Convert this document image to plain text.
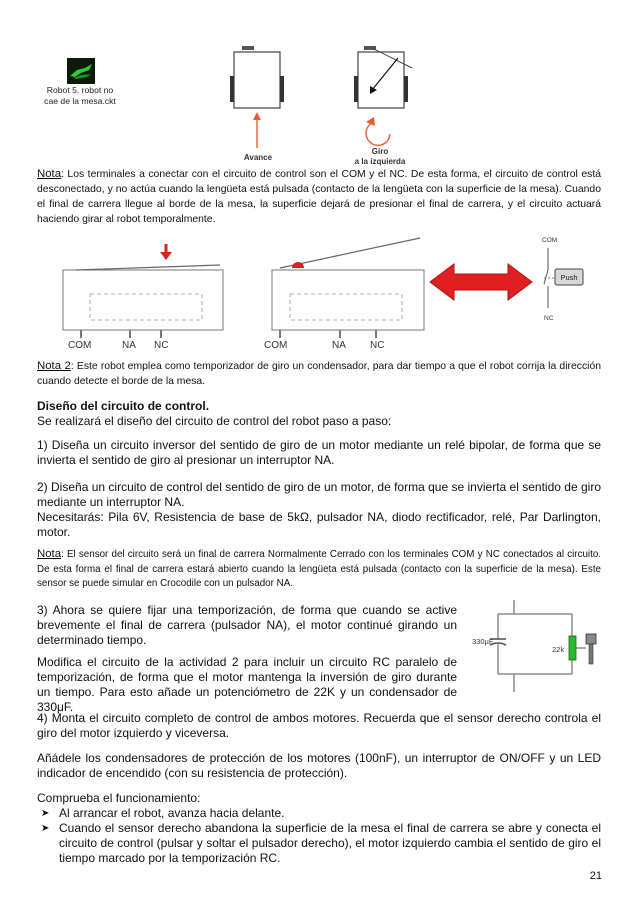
Robot 5. robot no
cae de la mesa.ckt
Avance
Giro
a la izquierda
Nota: Los terminales a conectar con el circuito de control son el COM y el NC. De esta forma, el circuito de control está desconectado, y no actúa cuando la lengüeta está pulsada (contacto de la lengüeta con la superficie de la mesa). Cuando el final de carrera llegue al borde de la mesa, la superficie dejará de presionar el final de carrera, y el circuito actuará haciendo girar al robot temporalmente.
COM	NA NC	COM	NA NC
COM
Push
NC
Nota 2: Este robot emplea como temporizador de giro un condensador, para dar tiempo a que el robot corrija la dirección cuando detecte el borde de la mesa.
Diseño del circuito de control.
Se realizará el diseño del circuito de control del robot paso a paso:
1) Diseña un circuito inversor del sentido de giro de un motor mediante un relé bipolar, de forma que se invierta el sentido de giro al presionar un interruptor NA.
2) Diseña un circuito de control del sentido de giro de un motor, de forma que se invierta el sentido de giro mediante un interruptor NA.
Necesitarás: Pila 6V, Resistencia de base de 5kΩ, pulsador NA, diodo rectificador, relé, Par Darlington, motor.
Nota: El sensor del circuito será un final de carrera Normalmente Cerrado con los terminales COM y NC conectados al circuito. De esta forma el final de carrera estará abierto cuando la lengüeta está pulsada (contacto con la superficie de la mesa). Este sensor se puede simular en Crocodile con un pulsador NA.
3) Ahora se quiere fijar una temporización, de forma que cuando se active brevemente el final de carrera (pulsador NA), el motor continué girando un determinado tiempo.
Modifica el circuito de la actividad 2 para incluir un circuito RC paralelo de temporización, de forma que el motor mantenga la inversión de giro durante un tiempo. Para esto añade un potenciómetro de 22K y un condensador de 330μF.
330μF
22k
4) Monta el circuito completo de control de ambos motores. Recuerda que el sensor derecho controla el giro del motor izquierdo y viceversa.
Añádele los condensadores de protección de los motores (100nF), un interruptor de ON/OFF y un LED indicador de encendido (con su resistencia de protección).
Comprueba el funcionamiento:
➤ Al arrancar el robot, avanza hacia delante.
➤ Cuando el sensor derecho abandona la superficie de la mesa el final de carrera se abre y conecta el circuito de control (pulsar y soltar el pulsador derecho), el motor izquierdo cambia el sentido de giro el tiempo marcado por la temporización RC.
21
